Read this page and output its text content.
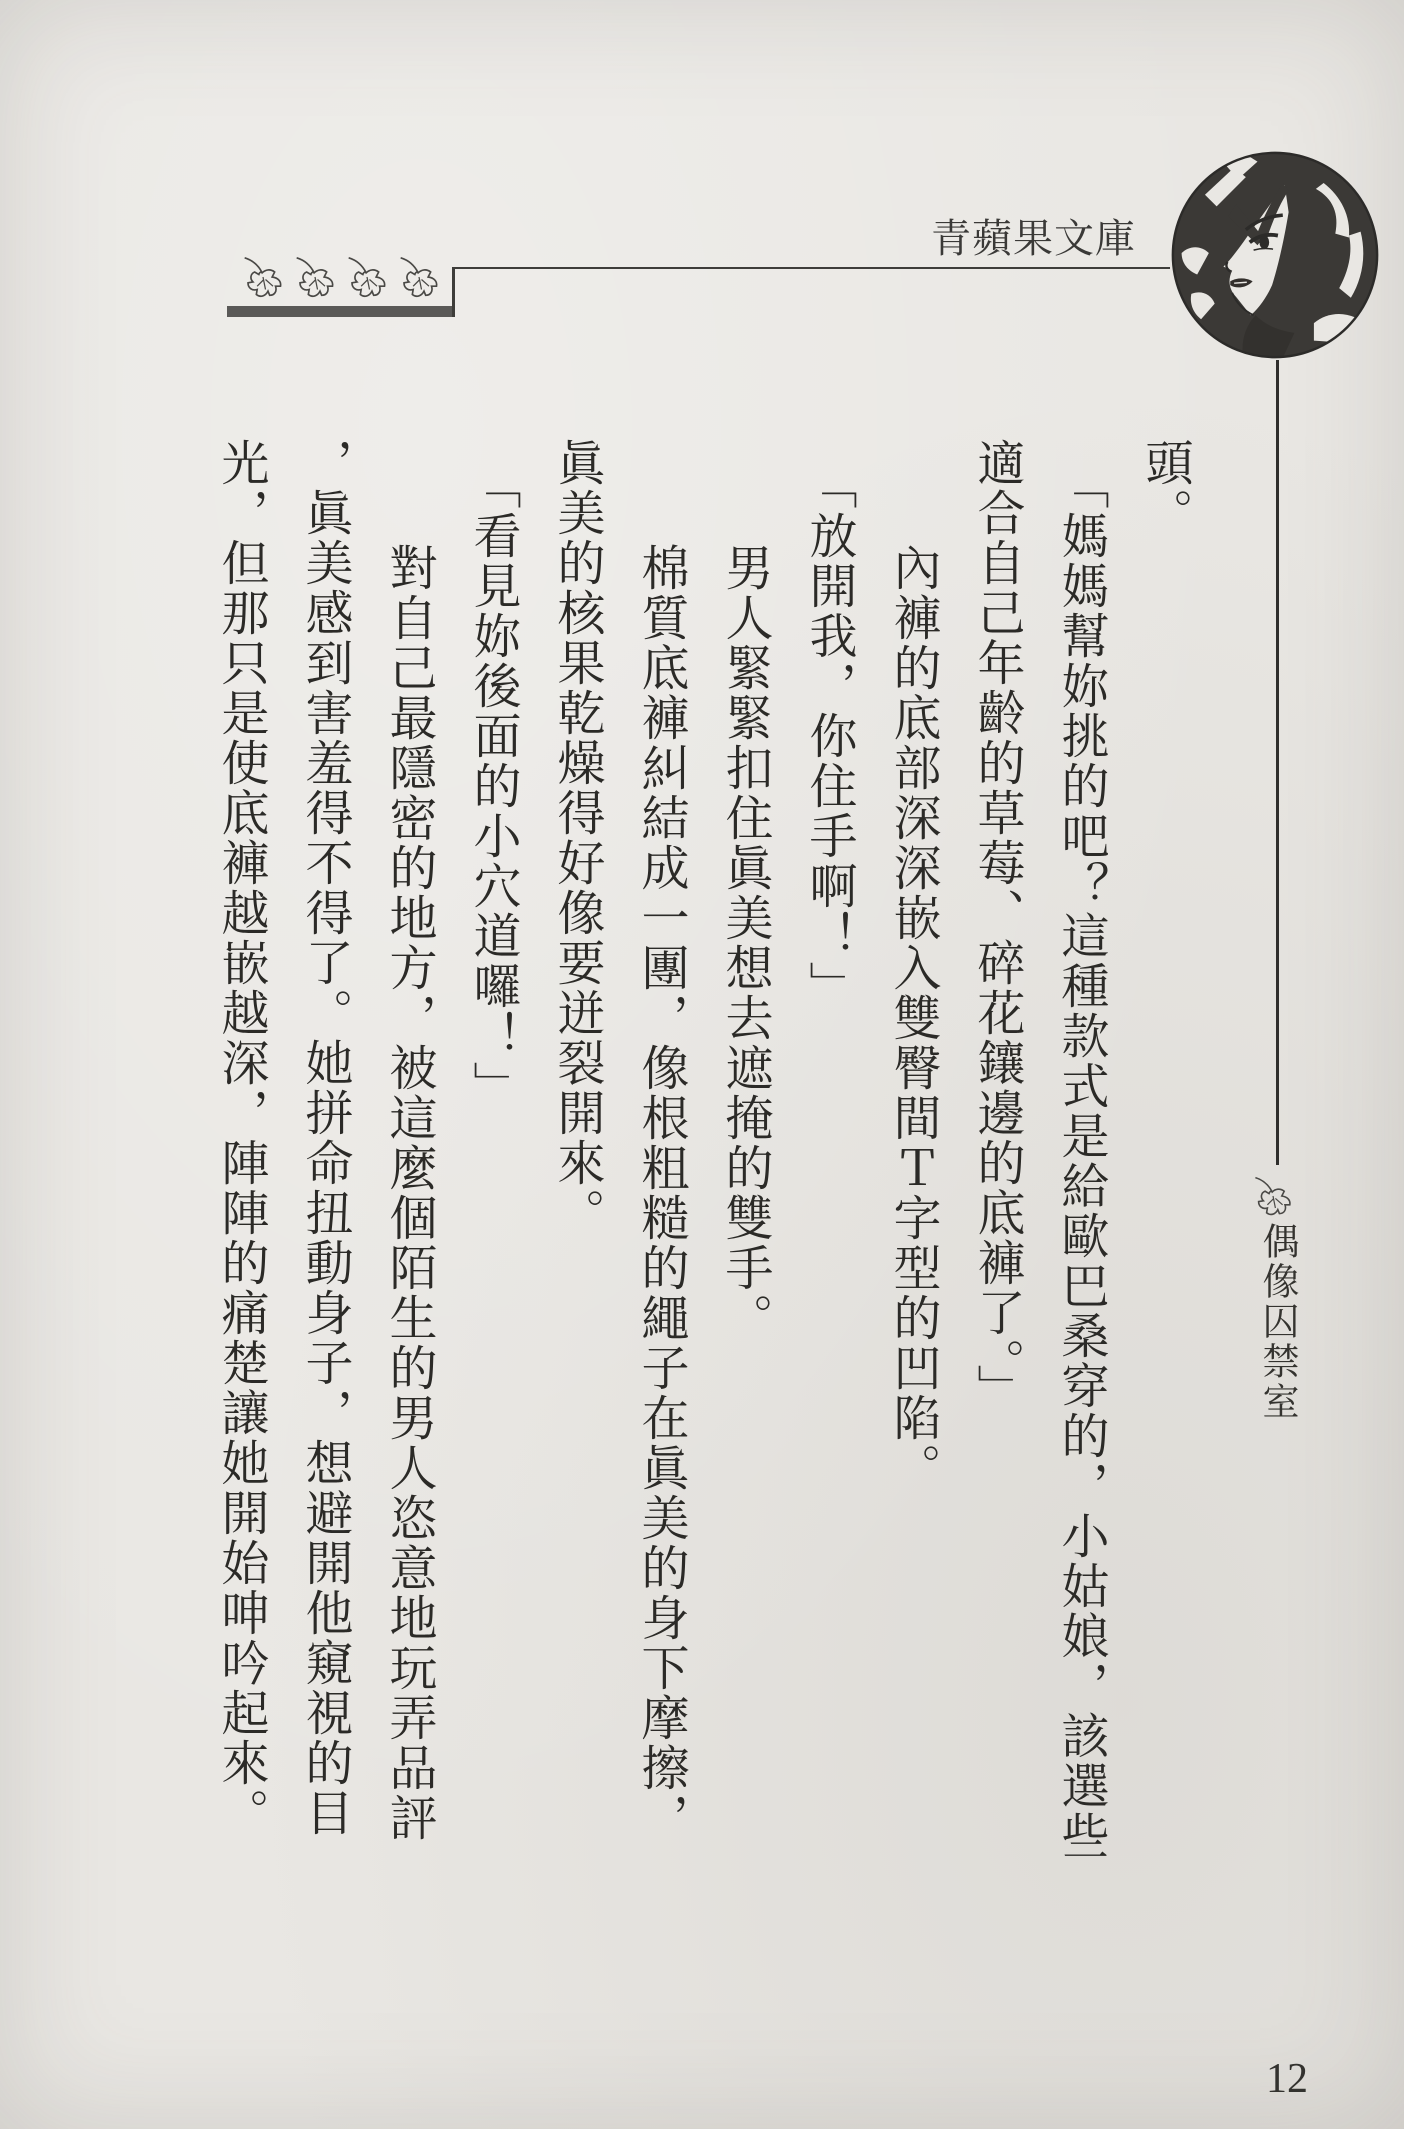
青蘋果文庫
偶像囚禁室
頭。
「媽媽幫妳挑的吧？這種款式是給歐巴桑穿的，小姑娘，該選些
適合自己年齡的草莓、碎花鑲邊的底褲了。」
內褲的底部深深嵌入雙臀間Ｔ字型的凹陷。
「放開我，你住手啊！」
男人緊緊扣住眞美想去遮掩的雙手。
棉質底褲糾結成一團，像根粗糙的繩子在眞美的身下摩擦，
眞美的核果乾燥得好像要迸裂開來。
「看見妳後面的小穴道囉！」
對自己最隱密的地方，被這麼個陌生的男人恣意地玩弄品評
，眞美感到害羞得不得了。她拼命扭動身子，想避開他窺視的目
光，但那只是使底褲越嵌越深，陣陣的痛楚讓她開始呻吟起來。
12
